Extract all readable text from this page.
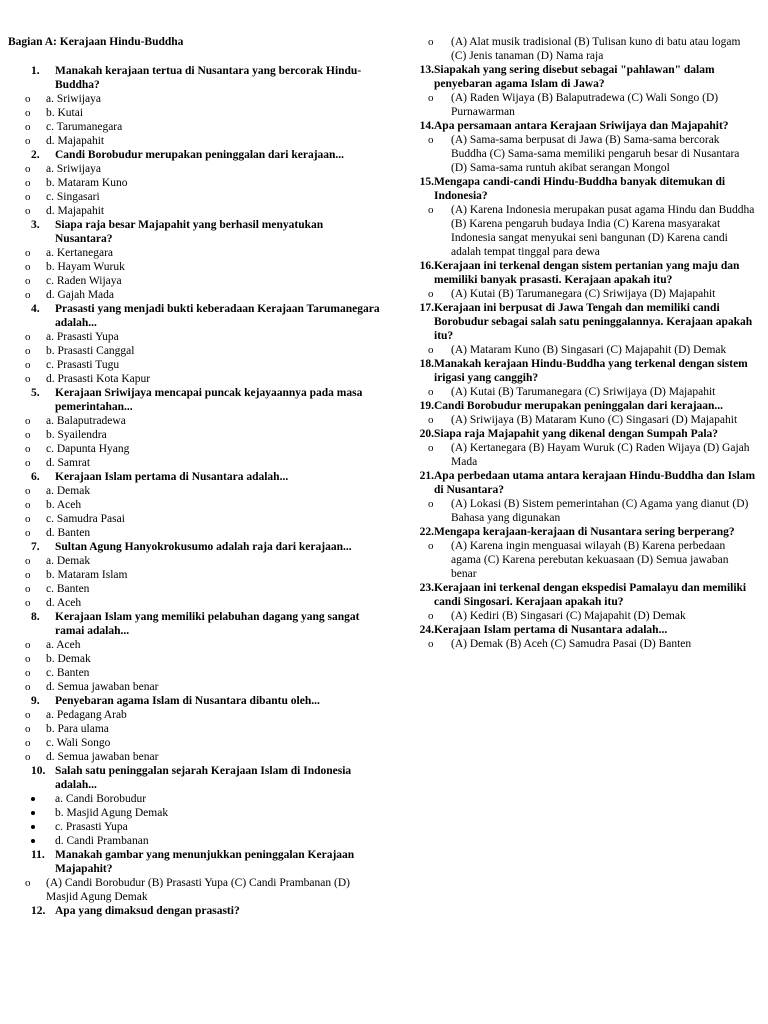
Bagian A: Kerajaan Hindu-Buddha
1. Manakah kerajaan tertua di Nusantara yang bercorak Hindu-Buddha?
o a. Sriwijaya
o b. Kutai
o c. Tarumanegara
o d. Majapahit
2. Candi Borobudur merupakan peninggalan dari kerajaan...
o a. Sriwijaya
o b. Mataram Kuno
o c. Singasari
o d. Majapahit
3. Siapa raja besar Majapahit yang berhasil menyatukan Nusantara?
o a. Kertanegara
o b. Hayam Wuruk
o c. Raden Wijaya
o d. Gajah Mada
4. Prasasti yang menjadi bukti keberadaan Kerajaan Tarumanegara adalah...
o a. Prasasti Yupa
o b. Prasasti Canggal
o c. Prasasti Tugu
o d. Prasasti Kota Kapur
5. Kerajaan Sriwijaya mencapai puncak kejayaannya pada masa pemerintahan...
o a. Balaputradewa
o b. Syailendra
o c. Dapunta Hyang
o d. Samrat
6. Kerajaan Islam pertama di Nusantara adalah...
o a. Demak
o b. Aceh
o c. Samudra Pasai
o d. Banten
7. Sultan Agung Hanyokrokusumo adalah raja dari kerajaan...
o a. Demak
o b. Mataram Islam
o c. Banten
o d. Aceh
8. Kerajaan Islam yang memiliki pelabuhan dagang yang sangat ramai adalah...
o a. Aceh
o b. Demak
o c. Banten
o d. Semua jawaban benar
9. Penyebaran agama Islam di Nusantara dibantu oleh...
o a. Pedagang Arab
o b. Para ulama
o c. Wali Songo
o d. Semua jawaban benar
10. Salah satu peninggalan sejarah Kerajaan Islam di Indonesia adalah...
a. Candi Borobudur
b. Masjid Agung Demak
c. Prasasti Yupa
d. Candi Prambanan
11. Manakah gambar yang menunjukkan peninggalan Kerajaan Majapahit?
o (A) Candi Borobudur (B) Prasasti Yupa (C) Candi Prambanan (D) Masjid Agung Demak
12. Apa yang dimaksud dengan prasasti?
o (A) Alat musik tradisional (B) Tulisan kuno di batu atau logam (C) Jenis tanaman (D) Nama raja
13. Siapakah yang sering disebut sebagai "pahlawan" dalam penyebaran agama Islam di Jawa?
o (A) Raden Wijaya (B) Balaputradewa (C) Wali Songo (D) Purnawarman
14. Apa persamaan antara Kerajaan Sriwijaya dan Majapahit?
o (A) Sama-sama berpusat di Jawa (B) Sama-sama bercorak Buddha (C) Sama-sama memiliki pengaruh besar di Nusantara (D) Sama-sama runtuh akibat serangan Mongol
15. Mengapa candi-candi Hindu-Buddha banyak ditemukan di Indonesia?
o (A) Karena Indonesia merupakan pusat agama Hindu dan Buddha (B) Karena pengaruh budaya India (C) Karena masyarakat Indonesia sangat menyukai seni bangunan (D) Karena candi adalah tempat tinggal para dewa
16. Kerajaan ini terkenal dengan sistem pertanian yang maju dan memiliki banyak prasasti. Kerajaan apakah itu?
o (A) Kutai (B) Tarumanegara (C) Sriwijaya (D) Majapahit
17. Kerajaan ini berpusat di Jawa Tengah dan memiliki candi Borobudur sebagai salah satu peninggalannya. Kerajaan apakah itu?
o (A) Mataram Kuno (B) Singasari (C) Majapahit (D) Demak
18. Manakah kerajaan Hindu-Buddha yang terkenal dengan sistem irigasi yang canggih?
o (A) Kutai (B) Tarumanegara (C) Sriwijaya (D) Majapahit
19. Candi Borobudur merupakan peninggalan dari kerajaan...
o (A) Sriwijaya (B) Mataram Kuno (C) Singasari (D) Majapahit
20. Siapa raja Majapahit yang dikenal dengan Sumpah Pala?
o (A) Kertanegara (B) Hayam Wuruk (C) Raden Wijaya (D) Gajah Mada
21. Apa perbedaan utama antara kerajaan Hindu-Buddha dan Islam di Nusantara?
o (A) Lokasi (B) Sistem pemerintahan (C) Agama yang dianut (D) Bahasa yang digunakan
22. Mengapa kerajaan-kerajaan di Nusantara sering berperang?
o (A) Karena ingin menguasai wilayah (B) Karena perbedaan agama (C) Karena perebutan kekuasaan (D) Semua jawaban benar
23. Kerajaan ini terkenal dengan ekspedisi Pamalayu dan memiliki candi Singosari. Kerajaan apakah itu?
o (A) Kediri (B) Singasari (C) Majapahit (D) Demak
24. Kerajaan Islam pertama di Nusantara adalah...
o (A) Demak (B) Aceh (C) Samudra Pasai (D) Banten
